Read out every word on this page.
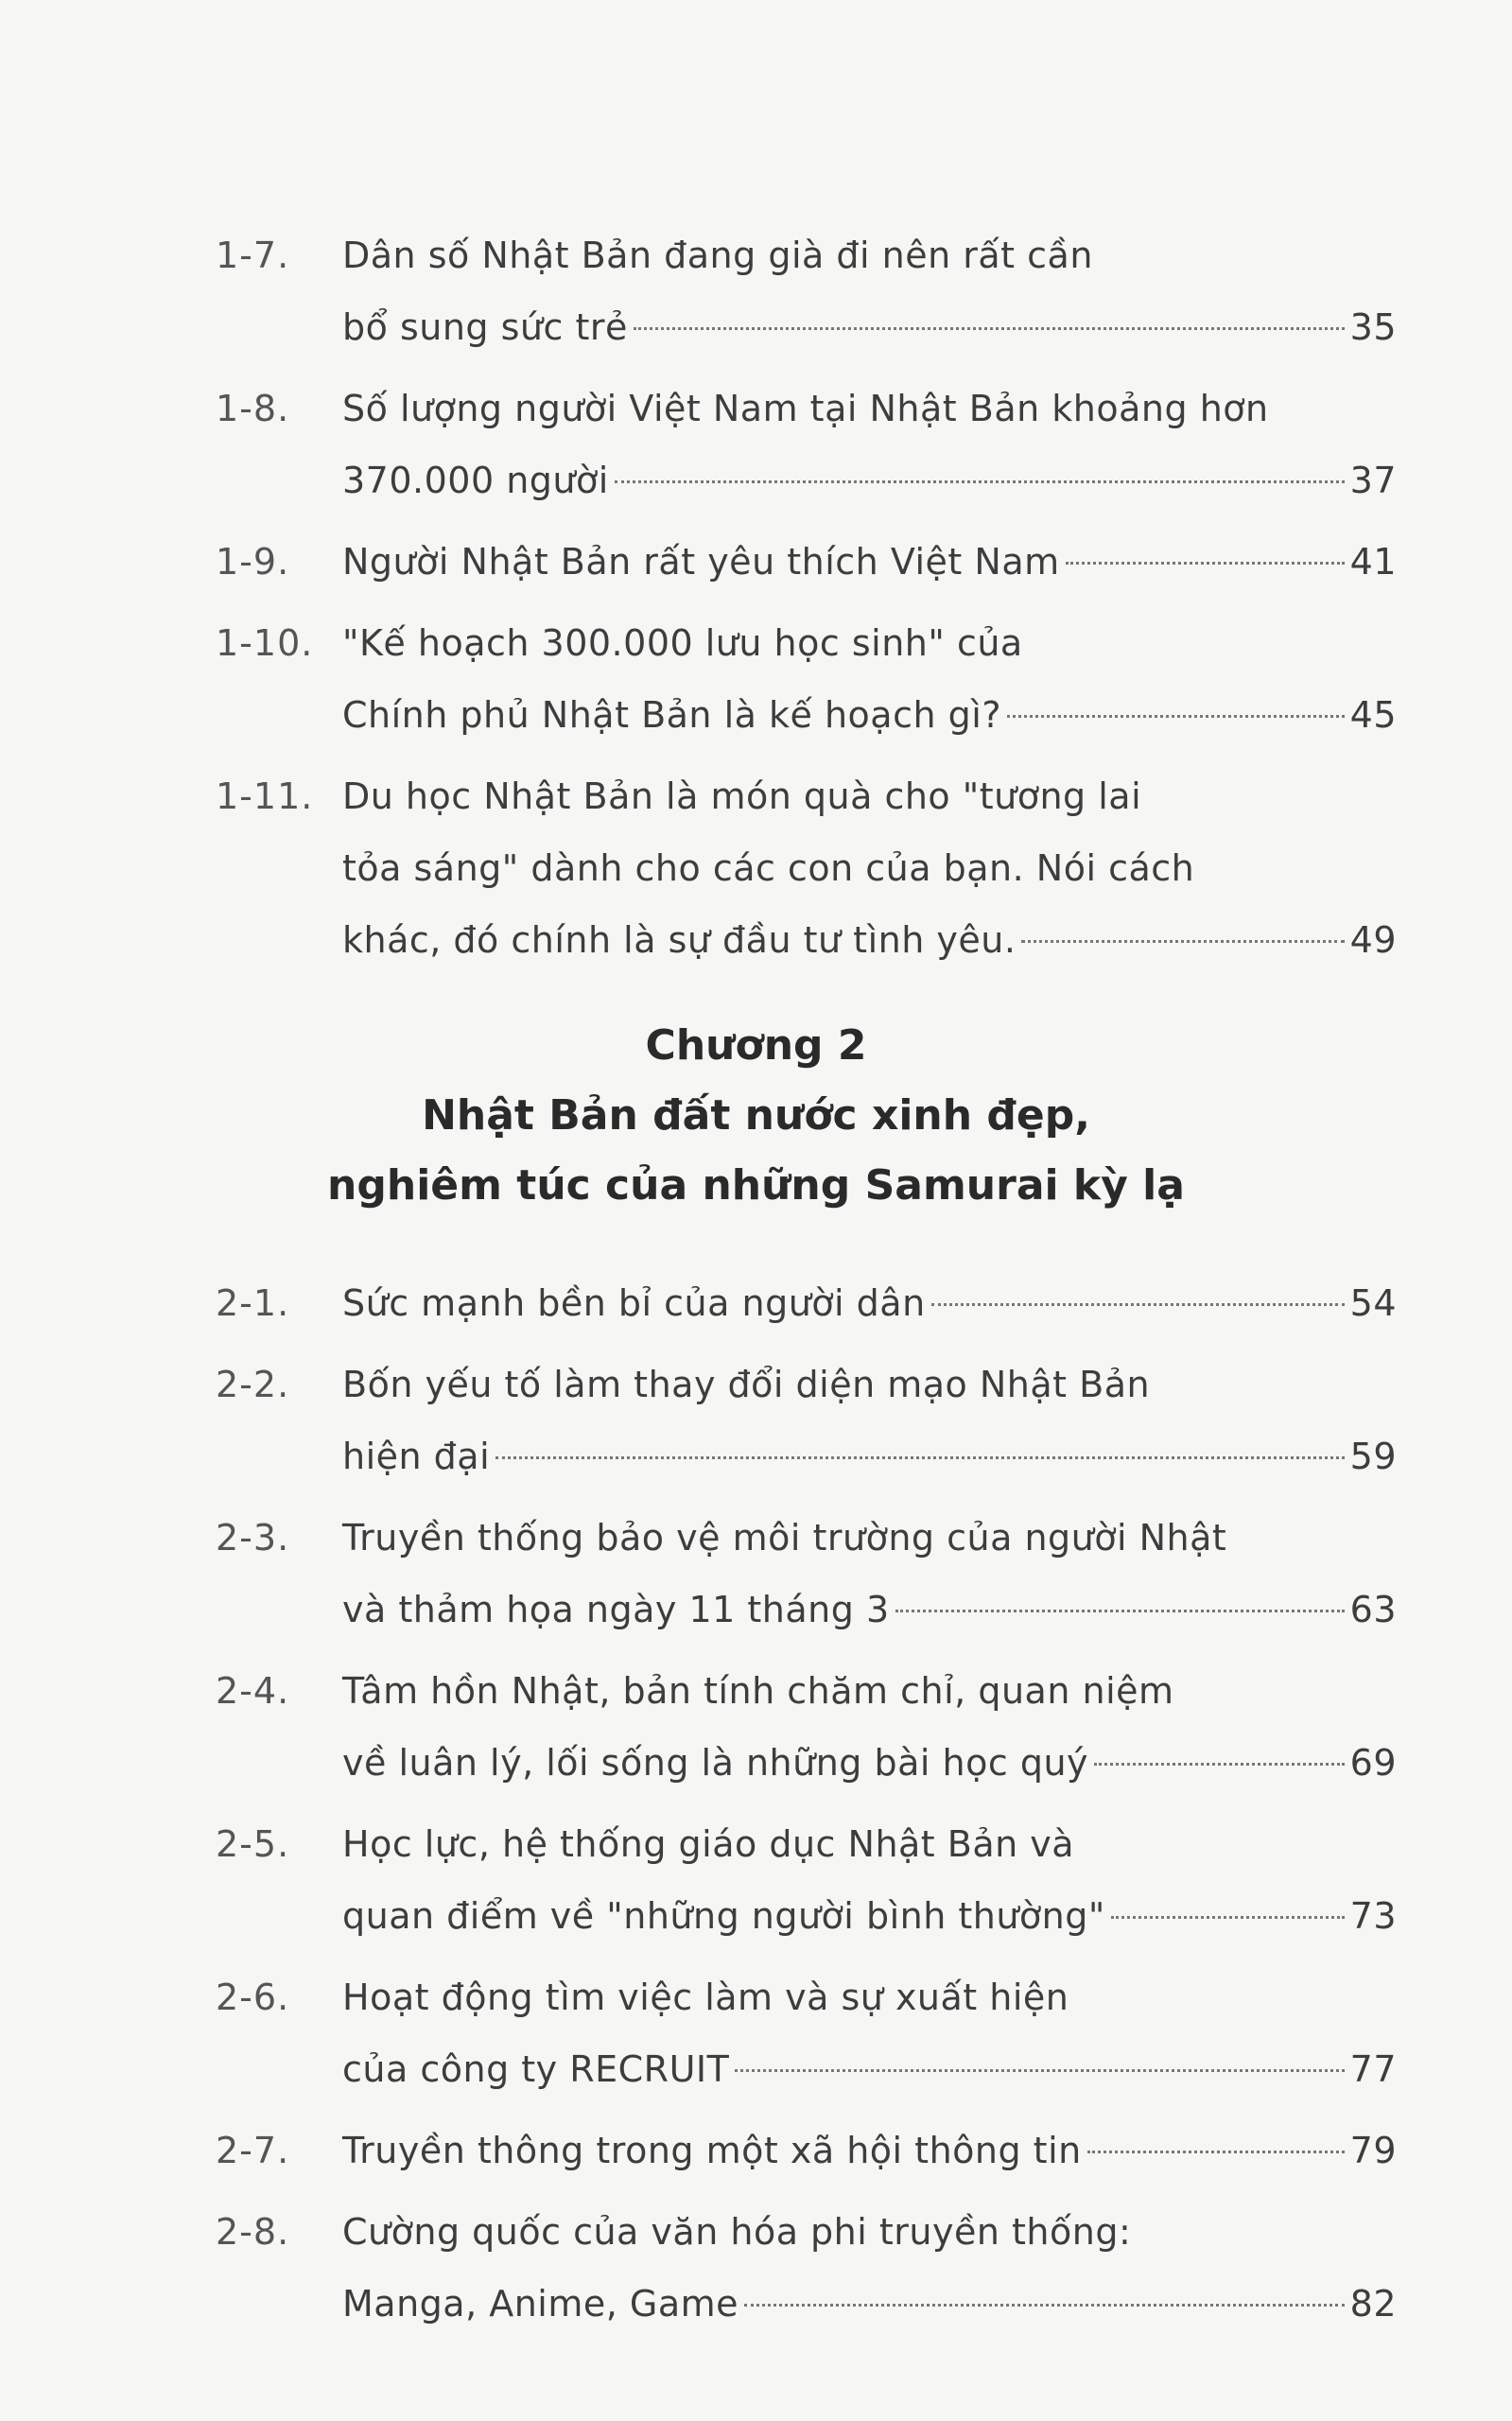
Chương 2
Nhật Bản đất nước xinh đẹp,
nghiêm túc của những Samurai kỳ lạ
1-7. Dân số Nhật Bản đang già đi nên rất cần
bổ sung sức trẻ	35
1-8. Số lượng người Việt Nam tại Nhật Bản khoảng hơn
370.000 người	37
1-9. Người Nhật Bản rất yêu thích Việt Nam	41
1-10. "Kế hoạch 300.000 lưu học sinh" của
Chính phủ Nhật Bản là kế hoạch gì?	45
1-11. Du học Nhật Bản là món quà cho "tương lai
tỏa sáng" dành cho các con của bạn. Nói cách
khác, đó chính là sự đầu tư tình yêu.	49
2-1. Sức mạnh bền bỉ của người dân	54
2-2. Bốn yếu tố làm thay đổi diện mạo Nhật Bản
hiện đại	59
2-3. Truyền thống bảo vệ môi trường của người Nhật
và thảm họa ngày 11 tháng 3	63
2-4. Tâm hồn Nhật, bản tính chăm chỉ, quan niệm
về luân lý, lối sống là những bài học quý	69
2-5. Học lực, hệ thống giáo dục Nhật Bản và
quan điểm về "những người bình thường"	73
2-6. Hoạt động tìm việc làm và sự xuất hiện
của công ty RECRUIT	77
2-7. Truyền thông trong một xã hội thông tin	79
2-8. Cường quốc của văn hóa phi truyền thống:
Manga, Anime, Game	82
